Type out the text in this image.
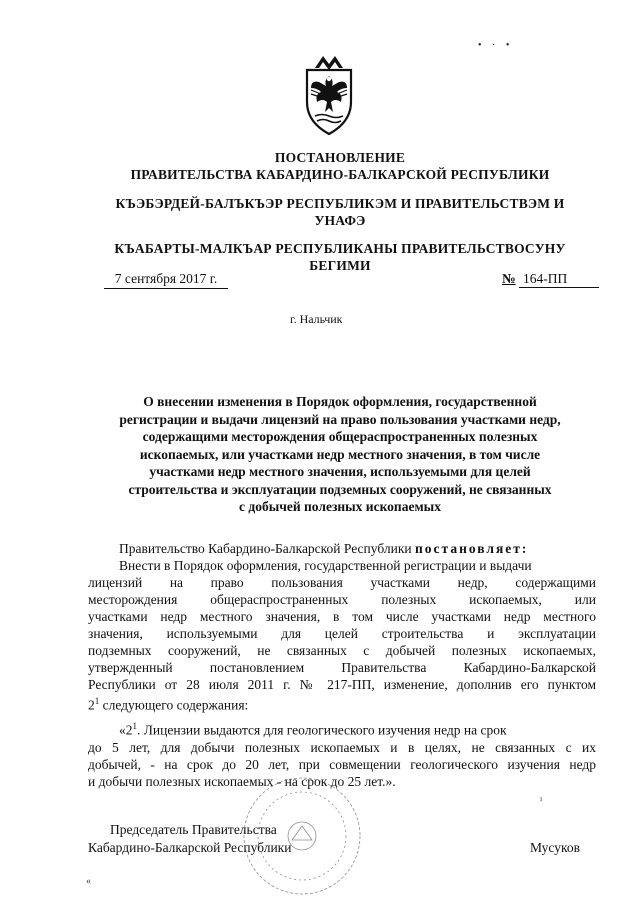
• · •
ПОСТАНОВЛЕНИЕ
ПРАВИТЕЛЬСТВА КАБАРДИНО-БАЛКАРСКОЙ РЕСПУБЛИКИ
КЪЭБЭРДЕЙ-БАЛЪКЪЭР РЕСПУБЛИКЭМ И ПРАВИТЕЛЬСТВЭМ И
УНАФЭ
КЪАБАРТЫ-МАЛКЪАР РЕСПУБЛИКАНЫ ПРАВИТЕЛЬСТВОСУНУ
БЕГИМИ
7 сентября 2017 г.	№ 164-ПП
г. Нальчик
О внесении изменения в Порядок оформления, государственной
регистрации и выдачи лицензий на право пользования участками недр,
содержащими месторождения общераспространенных полезных
ископаемых, или участками недр местного значения, в том числе
участками недр местного значения, используемыми для целей
строительства и эксплуатации подземных сооружений, не связанных
с добычей полезных ископаемых
Правительство Кабардино-Балкарской Республики постановляет:
Внести в Порядок оформления, государственной регистрации и выдачи
лицензий на право пользования участками недр, содержащими
месторождения общераспространенных полезных ископаемых, или
участками недр местного значения, в том числе участками недр местного
значения, используемыми для целей строительства и эксплуатации
подземных сооружений, не связанных с добычей полезных ископаемых,
утвержденный постановлением Правительства Кабардино-Балкарской
Республики от 28 июля 2011 г. № 217-ПП, изменение, дополнив его пунктом
$2^1$ следующего содержания:
«$2^1$. Лицензии выдаются для геологического изучения недр на срок
до 5 лет, для добычи полезных ископаемых и в целях, не связанных с их
добычей, - на срок до 20 лет, при совмещении геологического изучения недр
и добычи полезных ископаемых - на срок до 25 лет.».
ı
Председатель Правительства
Кабардино-Балкарской Республики	Мусуков
«
